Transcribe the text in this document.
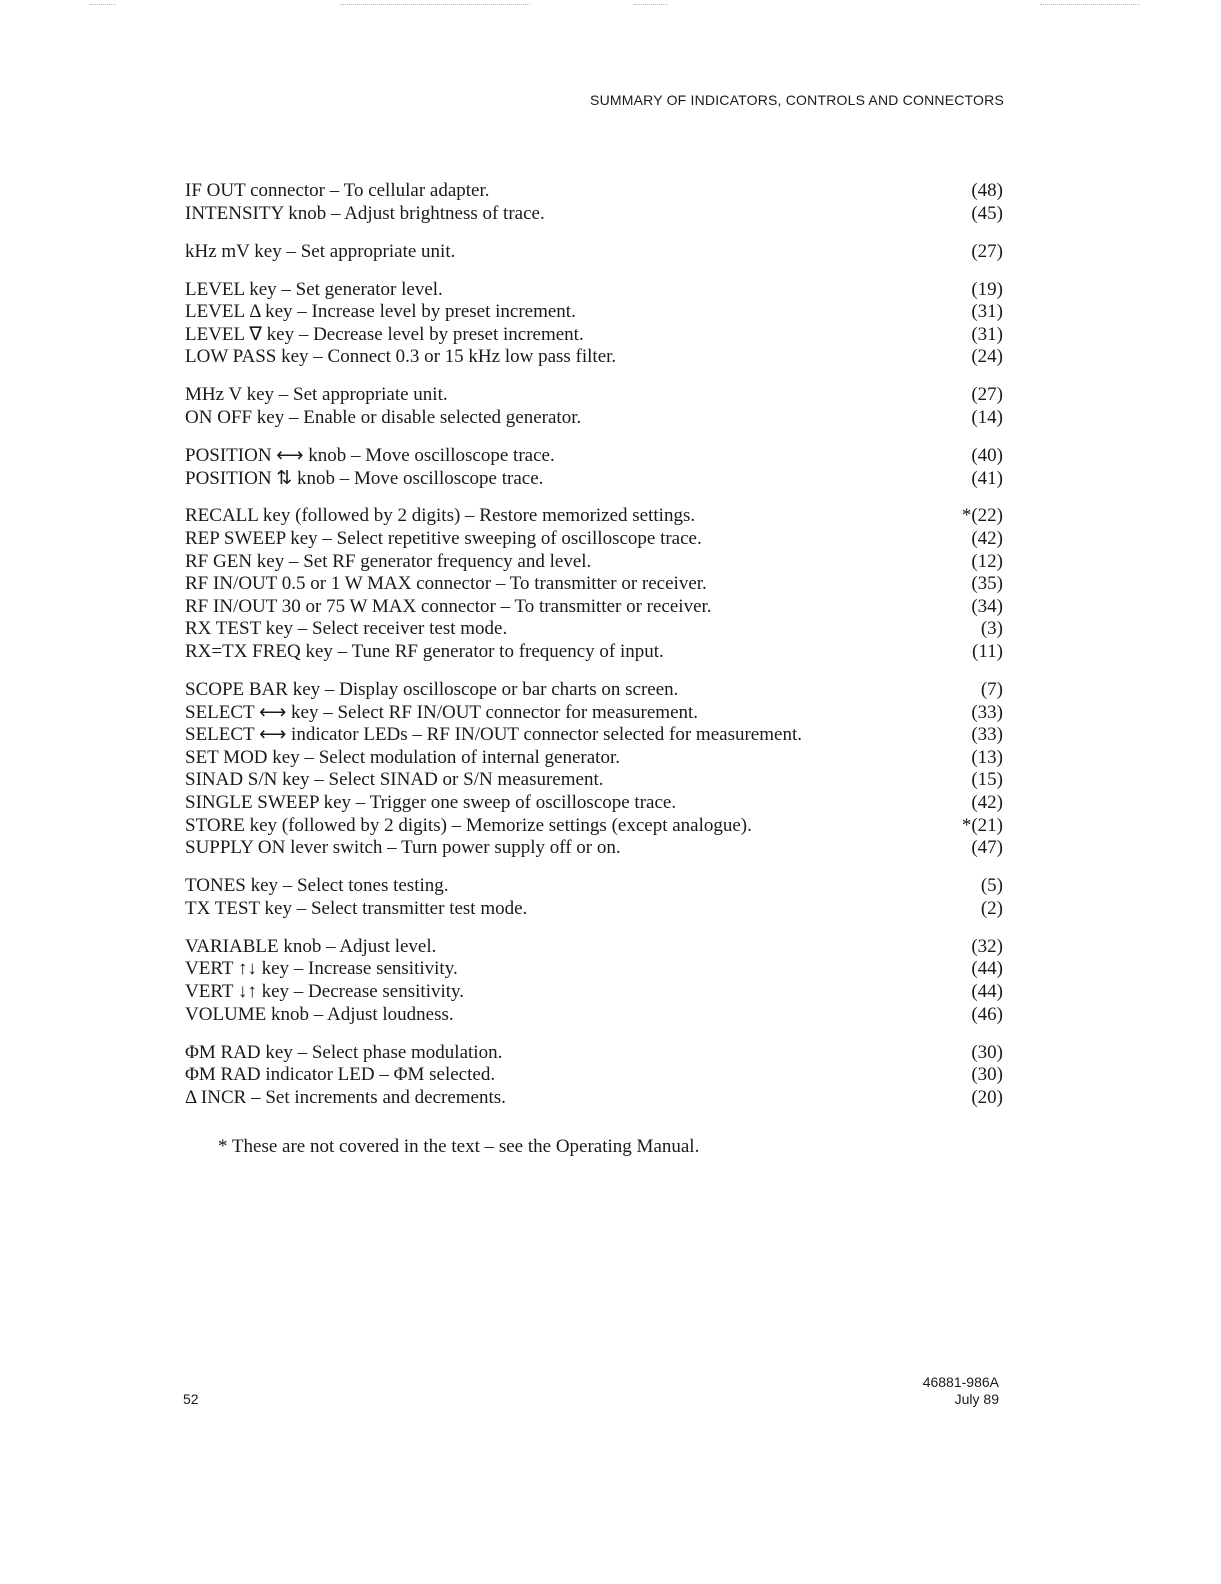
SUMMARY OF INDICATORS, CONTROLS AND CONNECTORS
IF OUT connector – To cellular adapter.	(48)
INTENSITY knob – Adjust brightness of trace.	(45)
kHz mV key – Set appropriate unit.	(27)
LEVEL key – Set generator level.	(19)
LEVEL Δ key – Increase level by preset increment.	(31)
LEVEL ∇ key – Decrease level by preset increment.	(31)
LOW PASS key – Connect 0.3 or 15 kHz low pass filter.	(24)
MHz V key – Set appropriate unit.	(27)
ON OFF key – Enable or disable selected generator.	(14)
POSITION ⟷ knob – Move oscilloscope trace.	(40)
POSITION ⇅ knob – Move oscilloscope trace.	(41)
RECALL key (followed by 2 digits) – Restore memorized settings.	*(22)
REP SWEEP key – Select repetitive sweeping of oscilloscope trace.	(42)
RF GEN key – Set RF generator frequency and level.	(12)
RF IN/OUT 0.5 or 1 W MAX connector – To transmitter or receiver.	(35)
RF IN/OUT 30 or 75 W MAX connector – To transmitter or receiver.	(34)
RX TEST key – Select receiver test mode.	(3)
RX=TX FREQ key – Tune RF generator to frequency of input.	(11)
SCOPE BAR key – Display oscilloscope or bar charts on screen.	(7)
SELECT ⟷ key – Select RF IN/OUT connector for measurement.	(33)
SELECT ⟷ indicator LEDs – RF IN/OUT connector selected for measurement.	(33)
SET MOD key – Select modulation of internal generator.	(13)
SINAD S/N key – Select SINAD or S/N measurement.	(15)
SINGLE SWEEP key – Trigger one sweep of oscilloscope trace.	(42)
STORE key (followed by 2 digits) – Memorize settings (except analogue).	*(21)
SUPPLY ON lever switch – Turn power supply off or on.	(47)
TONES key – Select tones testing.	(5)
TX TEST key – Select transmitter test mode.	(2)
VARIABLE knob – Adjust level.	(32)
VERT ↑↓ key – Increase sensitivity.	(44)
VERT ↓↑ key – Decrease sensitivity.	(44)
VOLUME knob – Adjust loudness.	(46)
ΦM RAD key – Select phase modulation.	(30)
ΦM RAD indicator LED – ΦM selected.	(30)
Δ INCR – Set increments and decrements.	(20)
* These are not covered in the text – see the Operating Manual.
52
46881-986A
July 89
